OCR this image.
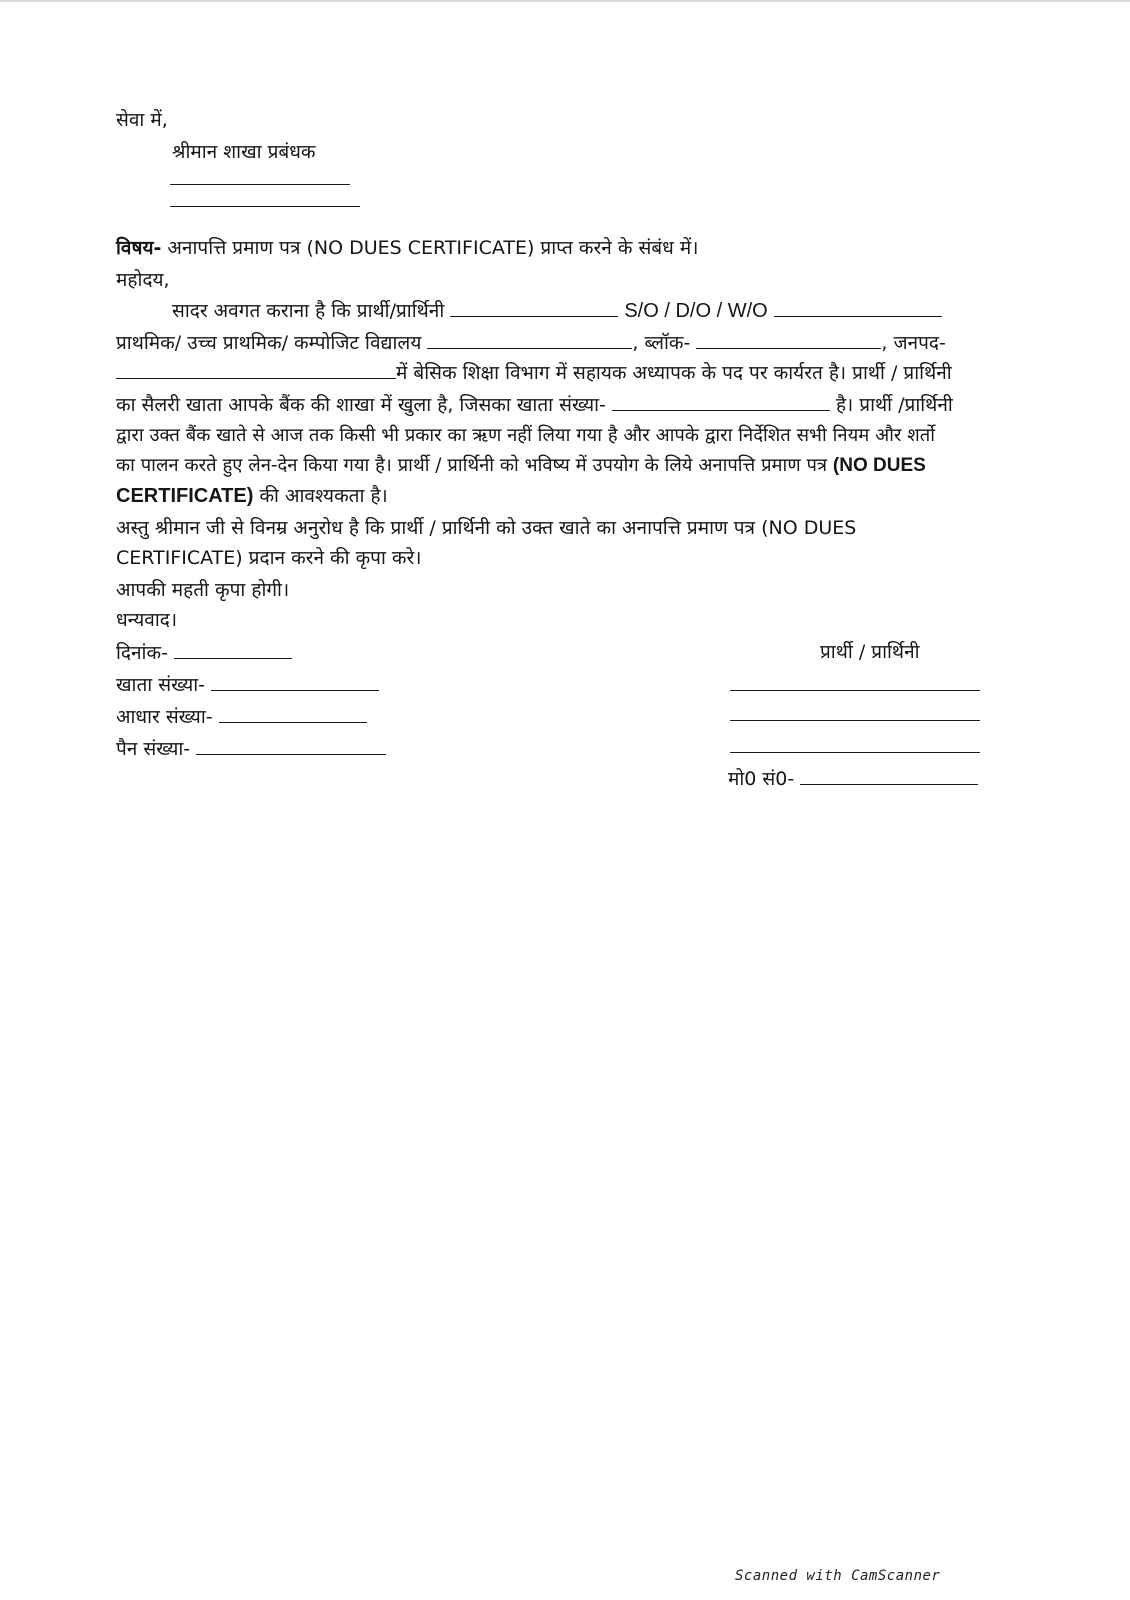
सेवा में,
श्रीमान शाखा प्रबंधक
विषय- अनापत्ति प्रमाण पत्र (NO DUES CERTIFICATE) प्राप्त करने के संबंध में।
महोदय,
सादर अवगत कराना है कि प्रार्थी/प्रार्थिनी	S/O / D/O / W/O
प्राथमिक/ उच्च प्राथमिक/ कम्पोजिट विद्यालय	, ब्लॉक-	, जनपद-
में बेसिक शिक्षा विभाग में सहायक अध्यापक के पद पर कार्यरत है। प्रार्थी / प्रार्थिनी
का सैलरी खाता आपके बैंक की शाखा में खुला है, जिसका खाता संख्या-	है। प्रार्थी /प्रार्थिनी
द्वारा उक्त बैंक खाते से आज तक किसी भी प्रकार का ऋण नहीं लिया गया है और आपके द्वारा निर्देशित सभी नियम और शर्तो
का पालन करते हुए लेन-देन किया गया है। प्रार्थी / प्रार्थिनी को भविष्य में उपयोग के लिये अनापत्ति प्रमाण पत्र (NO DUES
CERTIFICATE) की आवश्यकता है।
अस्तु श्रीमान जी से विनम्र अनुरोध है कि प्रार्थी / प्रार्थिनी को उक्त खाते का अनापत्ति प्रमाण पत्र (NO DUES
CERTIFICATE) प्रदान करने की कृपा करे।
आपकी महती कृपा होगी।
धन्यवाद।
दिनांक-
खाता संख्या-
आधार संख्या-
पैन संख्या-
प्रार्थी / प्रार्थिनी
मो0 सं0-
Scanned with CamScanner
